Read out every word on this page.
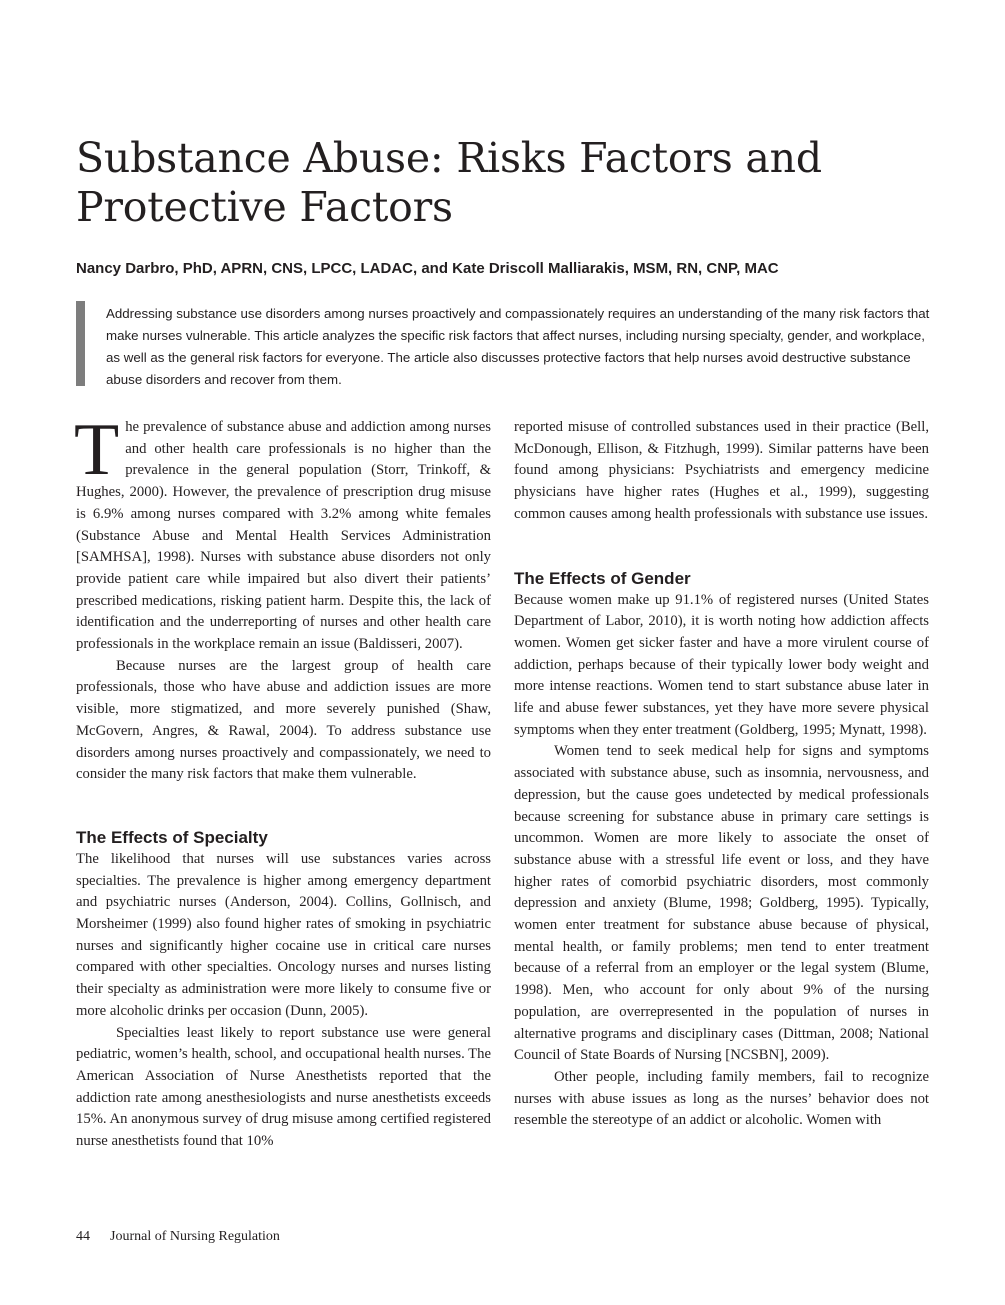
Substance Abuse: Risks Factors and Protective Factors

Nancy Darbro, PhD, APRN, CNS, LPCC, LADAC, and Kate Driscoll Malliarakis, MSM, RN, CNP, MAC

Addressing substance use disorders among nurses proactively and compassionately requires an understanding of the many risk factors that make nurses vulnerable. This article analyzes the specific risk factors that affect nurses, including nursing specialty, gender, and workplace, as well as the general risk factors for everyone. The article also discusses protective factors that help nurses avoid destructive substance abuse disorders and recover from them.

The prevalence of substance abuse and addiction among nurses and other health care professionals is no higher than the prevalence in the general population (Storr, Trinkoff, & Hughes, 2000). However, the prevalence of prescription drug misuse is 6.9% among nurses compared with 3.2% among white females (Substance Abuse and Mental Health Services Administration [SAMHSA], 1998). Nurses with substance abuse disorders not only provide patient care while impaired but also divert their patients’ prescribed medications, risking patient harm. Despite this, the lack of identification and the underreporting of nurses and other health care professionals in the workplace remain an issue (Baldisseri, 2007).

Because nurses are the largest group of health care professionals, those who have abuse and addiction issues are more visible, more stigmatized, and more severely punished (Shaw, McGovern, Angres, & Rawal, 2004). To address substance use disorders among nurses proactively and compassionately, we need to consider the many risk factors that make them vulnerable.

The Effects of Specialty

The likelihood that nurses will use substances varies across specialties. The prevalence is higher among emergency department and psychiatric nurses (Anderson, 2004). Collins, Gollnisch, and Morsheimer (1999) also found higher rates of smoking in psychiatric nurses and significantly higher cocaine use in critical care nurses compared with other specialties. Oncology nurses and nurses listing their specialty as administration were more likely to consume five or more alcoholic drinks per occasion (Dunn, 2005).

Specialties least likely to report substance use were general pediatric, women’s health, school, and occupational health nurses. The American Association of Nurse Anesthetists reported that the addiction rate among anesthesiologists and nurse anesthetists exceeds 15%. An anonymous survey of drug misuse among certified registered nurse anesthetists found that 10%

reported misuse of controlled substances used in their practice (Bell, McDonough, Ellison, & Fitzhugh, 1999). Similar patterns have been found among physicians: Psychiatrists and emergency medicine physicians have higher rates (Hughes et al., 1999), suggesting common causes among health professionals with substance use issues.

The Effects of Gender

Because women make up 91.1% of registered nurses (United States Department of Labor, 2010), it is worth noting how addiction affects women. Women get sicker faster and have a more virulent course of addiction, perhaps because of their typically lower body weight and more intense reactions. Women tend to start substance abuse later in life and abuse fewer substances, yet they have more severe physical symptoms when they enter treatment (Goldberg, 1995; Mynatt, 1998).

Women tend to seek medical help for signs and symptoms associated with substance abuse, such as insomnia, nervousness, and depression, but the cause goes undetected by medical professionals because screening for substance abuse in primary care settings is uncommon. Women are more likely to associate the onset of substance abuse with a stressful life event or loss, and they have higher rates of comorbid psychiatric disorders, most commonly depression and anxiety (Blume, 1998; Goldberg, 1995). Typically, women enter treatment for substance abuse because of physical, mental health, or family problems; men tend to enter treatment because of a referral from an employer or the legal system (Blume, 1998). Men, who account for only about 9% of the nursing population, are overrepresented in the population of nurses in alternative programs and disciplinary cases (Dittman, 2008; National Council of State Boards of Nursing [NCSBN], 2009).

Other people, including family members, fail to recognize nurses with abuse issues as long as the nurses’ behavior does not resemble the stereotype of an addict or alcoholic. Women with

44 Journal of Nursing Regulation
